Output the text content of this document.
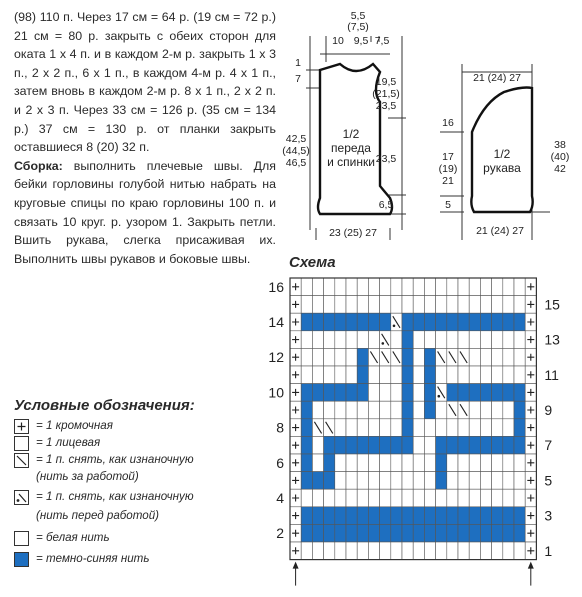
(98) 110 п. Через 17 см = 64 р. (19 см = 72 р.) 21 см = 80 р. закрыть с обеих сторон для оката 1 х 4 п. и в каждом 2-м р. закрыть 1 х 3 п., 2 х 2 п., 6 х 1 п., в каждом 4-м р. 4 х 1 п., затем вновь в каждом 2-м р. 8 х 1 п., 2 х 2 п. и 2 х 3 п. Через 33 см = 126 р. (35 см = 134 р.) 37 см = 130 р. от планки закрыть оставшиеся 8 (20) 32 п.

Сборка: выполнить плечевые швы. Для бейки горловины голубой нитью набрать на круговые спицы по краю горловины 100 п. и связать 10 круг. р. узором 1. Закрыть петли. Вшить рукава, слегка присаживая их. Выполнить швы рукавов и боковые швы.

5,5
(7,5)
10 9,5 7,5
1
7	19,5
(21,5)
23,5
23,5
6,5
42,5
(44,5)
46,5
1/2
переда
и спинки
23 (25) 27
21 (24) 27
16
17
(19)
21
5
38
(40)
42
1/2
рукава
21 (24) 27
Схема
16
14
12
10
8
6
4
2
15
13
11
9
7
5
3
1
Условные обозначения:
= 1 кромочная
= 1 лицевая
= 1 п. снять, как изнаночную
(нить за работой)
= 1 п. снять, как изнаночную
(нить перед работой)
= белая нить
= темно-синяя нить
